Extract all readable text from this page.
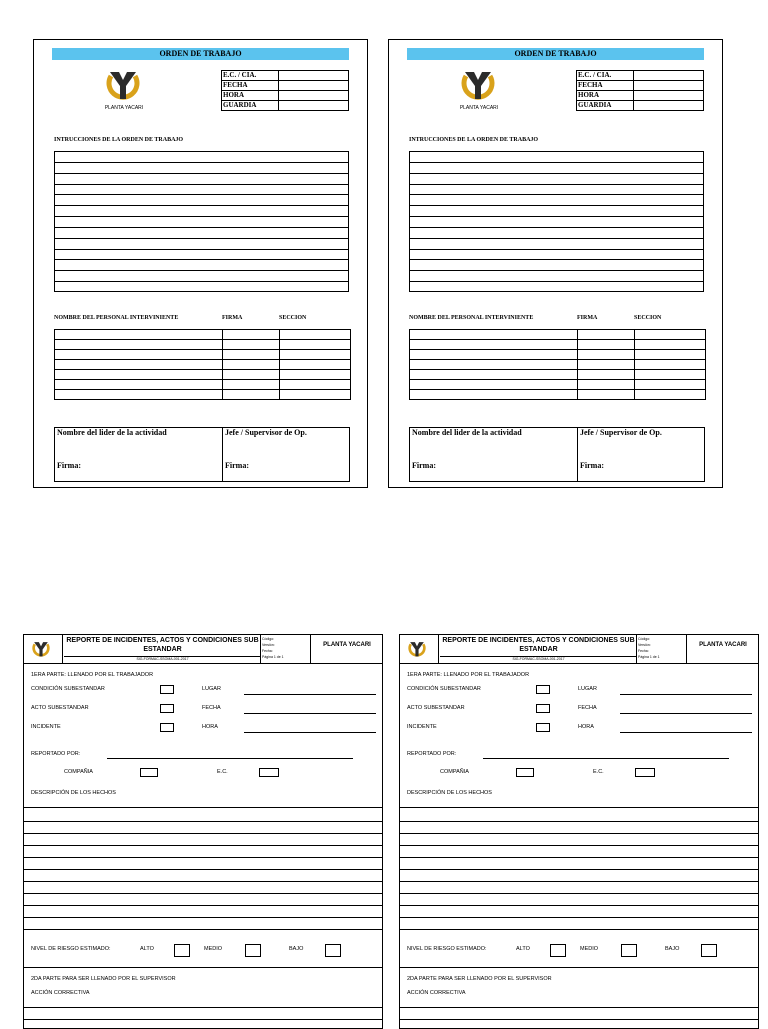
ORDEN DE TRABAJO
PLANTA YACARI
E.C. / CIA.	
FECHA	
HORA	
GUARDIA	
INTRUCCIONES DE LA ORDEN DE TRABAJO
NOMBRE DEL PERSONAL INTERVINIENTE	FIRMA	SECCION

Nombre del lider de la actividad	Jefe / Supervisor de Op.
Firma:	Firma:
ORDEN DE TRABAJO
PLANTA YACARI
E.C. / CIA.	
FECHA	
HORA	
GUARDIA	
INTRUCCIONES DE LA ORDEN DE TRABAJO
NOMBRE DEL PERSONAL INTERVINIENTE	FIRMA	SECCION

Nombre del lider de la actividad	Jefe / Supervisor de Op.
Firma:	Firma:
REPORTE DE INCIDENTES, ACTOS Y CONDICIONES SUB ESTANDAR
SIG-FORMAC-SSOMA-001-2017
Código:
Versión:
Fecha:
Página 1 de 1
PLANTA YACARI
1ERA PARTE: LLENADO POR EL TRABAJADOR
CONDICIÓN SUBESTANDAR	LUGAR
ACTO SUBESTANDAR	FECHA
INCIDENTE	HORA
REPORTADO POR:
COMPAÑIA	E.C.
DESCRIPCIÓN DE LOS HECHOS
NIVEL DE RIESGO ESTIMADO:	ALTO	MEDIO	BAJO
2DA PARTE PARA SER LLENADO POR EL SUPERVISOR
ACCIÓN CORRECTIVA
REPORTE DE INCIDENTES, ACTOS Y CONDICIONES SUB ESTANDAR
SIG-FORMAC-SSOMA-001-2017
Código:
Versión:
Fecha:
Página 1 de 1
PLANTA YACARI
1ERA PARTE: LLENADO POR EL TRABAJADOR
CONDICIÓN SUBESTANDAR	LUGAR
ACTO SUBESTANDAR	FECHA
INCIDENTE	HORA
REPORTADO POR:
COMPAÑIA	E.C.
DESCRIPCIÓN DE LOS HECHOS
NIVEL DE RIESGO ESTIMADO:	ALTO	MEDIO	BAJO
2DA PARTE PARA SER LLENADO POR EL SUPERVISOR
ACCIÓN CORRECTIVA
